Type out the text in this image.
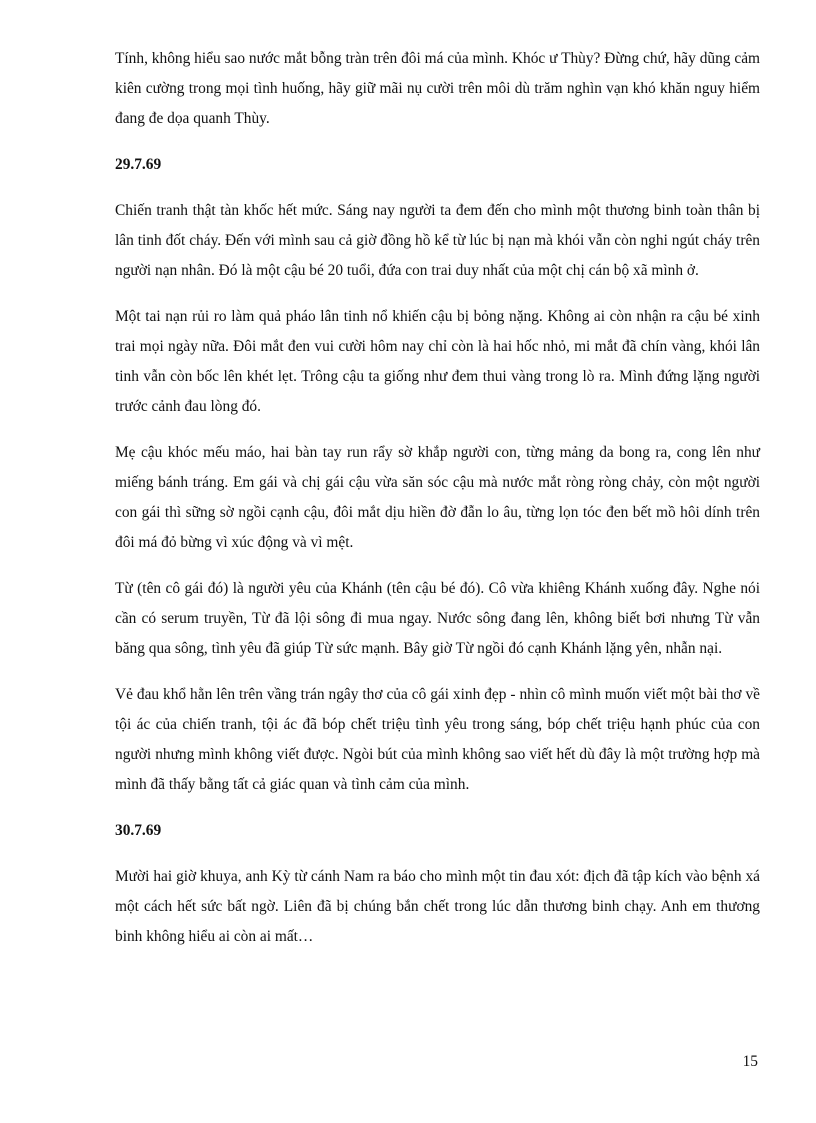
Tính, không hiểu sao nước mắt bỗng tràn trên đôi má của mình. Khóc ư Thùy? Đừng chứ, hãy dũng cảm kiên cường trong mọi tình huống, hãy giữ mãi nụ cười trên môi dù trăm nghìn vạn khó khăn nguy hiểm đang đe dọa quanh Thùy.

29.7.69

Chiến tranh thật tàn khốc hết mức. Sáng nay người ta đem đến cho mình một thương binh toàn thân bị lân tinh đốt cháy. Đến với mình sau cả giờ đồng hồ kể từ lúc bị nạn mà khói vẫn còn nghi ngút cháy trên người nạn nhân. Đó là một cậu bé 20 tuổi, đứa con trai duy nhất của một chị cán bộ xã mình ở.

Một tai nạn rủi ro làm quả pháo lân tinh nổ khiến cậu bị bỏng nặng. Không ai còn nhận ra cậu bé xinh trai mọi ngày nữa. Đôi mắt đen vui cười hôm nay chỉ còn là hai hốc nhỏ, mi mắt đã chín vàng, khói lân tinh vẫn còn bốc lên khét lẹt. Trông cậu ta giống như đem thui vàng trong lò ra. Mình đứng lặng người trước cảnh đau lòng đó.

Mẹ cậu khóc mếu máo, hai bàn tay run rẩy sờ khắp người con, từng mảng da bong ra, cong lên như miếng bánh tráng. Em gái và chị gái cậu vừa săn sóc cậu mà nước mắt ròng ròng chảy, còn một người con gái thì sững sờ ngồi cạnh cậu, đôi mắt dịu hiền đờ đẫn lo âu, từng lọn tóc đen bết mồ hôi dính trên đôi má đỏ bừng vì xúc động và vì mệt.

Từ (tên cô gái đó) là người yêu của Khánh (tên cậu bé đó). Cô vừa khiêng Khánh xuống đây. Nghe nói cần có serum truyền, Từ đã lội sông đi mua ngay. Nước sông đang lên, không biết bơi nhưng Từ vẫn băng qua sông, tình yêu đã giúp Từ sức mạnh. Bây giờ Từ ngồi đó cạnh Khánh lặng yên, nhẫn nại.

Vẻ đau khổ hằn lên trên vầng trán ngây thơ của cô gái xinh đẹp - nhìn cô mình muốn viết một bài thơ về tội ác của chiến tranh, tội ác đã bóp chết triệu tình yêu trong sáng, bóp chết triệu hạnh phúc của con người nhưng mình không viết được. Ngòi bút của mình không sao viết hết dù đây là một trường hợp mà mình đã thấy bằng tất cả giác quan và tình cảm của mình.

30.7.69

Mười hai giờ khuya, anh Kỳ từ cánh Nam ra báo cho mình một tin đau xót: địch đã tập kích vào bệnh xá một cách hết sức bất ngờ. Liên đã bị chúng bắn chết trong lúc dẫn thương binh chạy. Anh em thương binh không hiểu ai còn ai mất…

15
